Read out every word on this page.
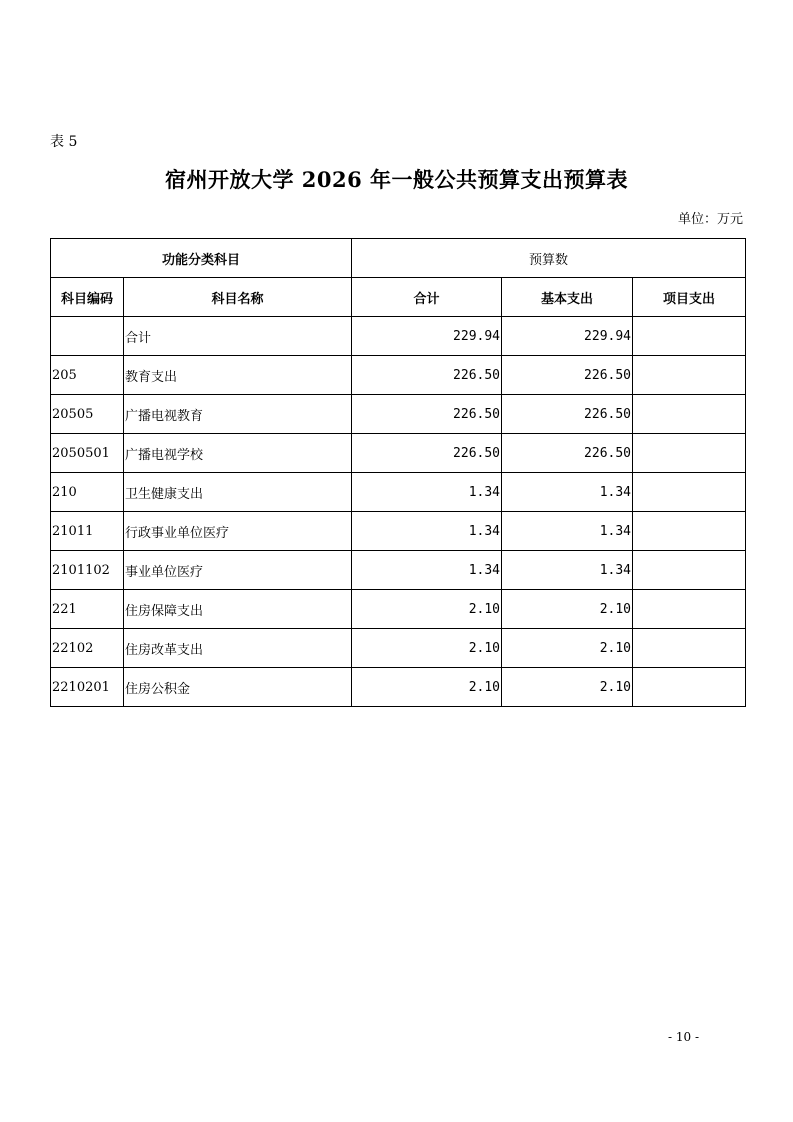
表 5
宿州开放大学 2026 年一般公共预算支出预算表
单位：万元
功能分类科目		预算数		
科目编码	科目名称	合计	基本支出	项目支出
	合计	229.94	229.94	
205	教育支出	226.50	226.50	
20505	广播电视教育	226.50	226.50	
2050501	广播电视学校	226.50	226.50	
210	卫生健康支出	1.34	1.34	
21011	行政事业单位医疗	1.34	1.34	
2101102	事业单位医疗	1.34	1.34	
221	住房保障支出	2.10	2.10	
22102	住房改革支出	2.10	2.10	
2210201	住房公积金	2.10	2.10	
- 10 -
